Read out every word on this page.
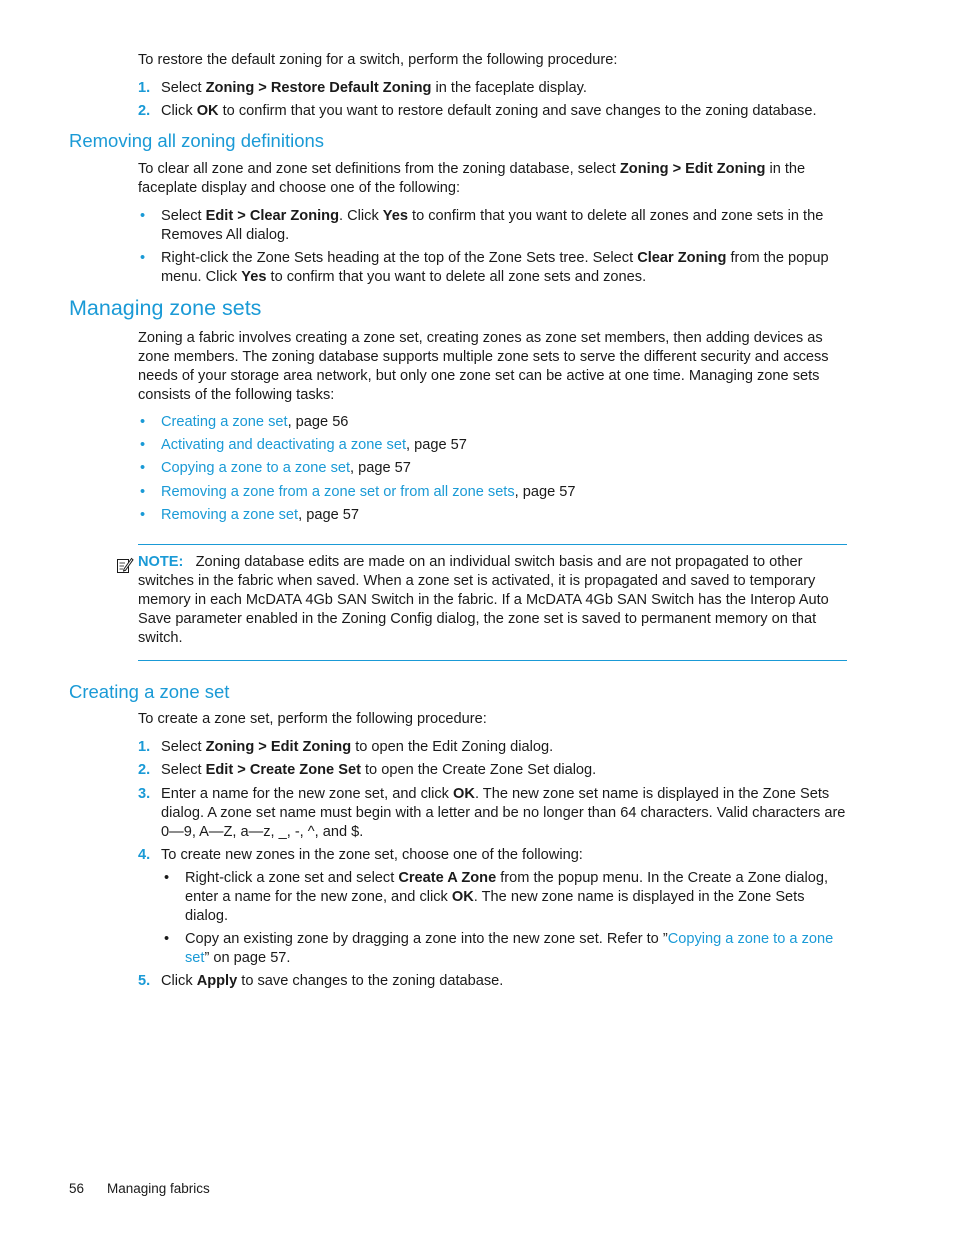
To restore the default zoning for a switch, perform the following procedure:

1. Select Zoning > Restore Default Zoning in the faceplate display.
2. Click OK to confirm that you want to restore default zoning and save changes to the zoning database.
Removing all zoning definitions

To clear all zone and zone set definitions from the zoning database, select Zoning > Edit Zoning in the faceplate display and choose one of the following:

• Select Edit > Clear Zoning. Click Yes to confirm that you want to delete all zones and zone sets in the Removes All dialog.
• Right-click the Zone Sets heading at the top of the Zone Sets tree. Select Clear Zoning from the popup menu. Click Yes to confirm that you want to delete all zone sets and zones.
Managing zone sets

Zoning a fabric involves creating a zone set, creating zones as zone set members, then adding devices as zone members. The zoning database supports multiple zone sets to serve the different security and access needs of your storage area network, but only one zone set can be active at one time. Managing zone sets consists of the following tasks:

• Creating a zone set, page 56
• Activating and deactivating a zone set, page 57
• Copying a zone to a zone set, page 57
• Removing a zone from a zone set or from all zone sets, page 57
• Removing a zone set, page 57

NOTE: Zoning database edits are made on an individual switch basis and are not propagated to other switches in the fabric when saved. When a zone set is activated, it is propagated and saved to temporary memory in each McDATA 4Gb SAN Switch in the fabric. If a McDATA 4Gb SAN Switch has the Interop Auto Save parameter enabled in the Zoning Config dialog, the zone set is saved to permanent memory on that switch.

Creating a zone set

To create a zone set, perform the following procedure:

1. Select Zoning > Edit Zoning to open the Edit Zoning dialog.
2. Select Edit > Create Zone Set to open the Create Zone Set dialog.
3. Enter a name for the new zone set, and click OK. The new zone set name is displayed in the Zone Sets dialog. A zone set name must begin with a letter and be no longer than 64 characters. Valid characters are 0—9, A—Z, a—z, _, -, ^, and $.
4. To create new zones in the zone set, choose one of the following:
• Right-click a zone set and select Create A Zone from the popup menu. In the Create a Zone dialog, enter a name for the new zone, and click OK. The new zone name is displayed in the Zone Sets dialog.
• Copy an existing zone by dragging a zone into the new zone set. Refer to ”Copying a zone to a zone set” on page 57.
5. Click Apply to save changes to the zoning database.
56 Managing fabrics
